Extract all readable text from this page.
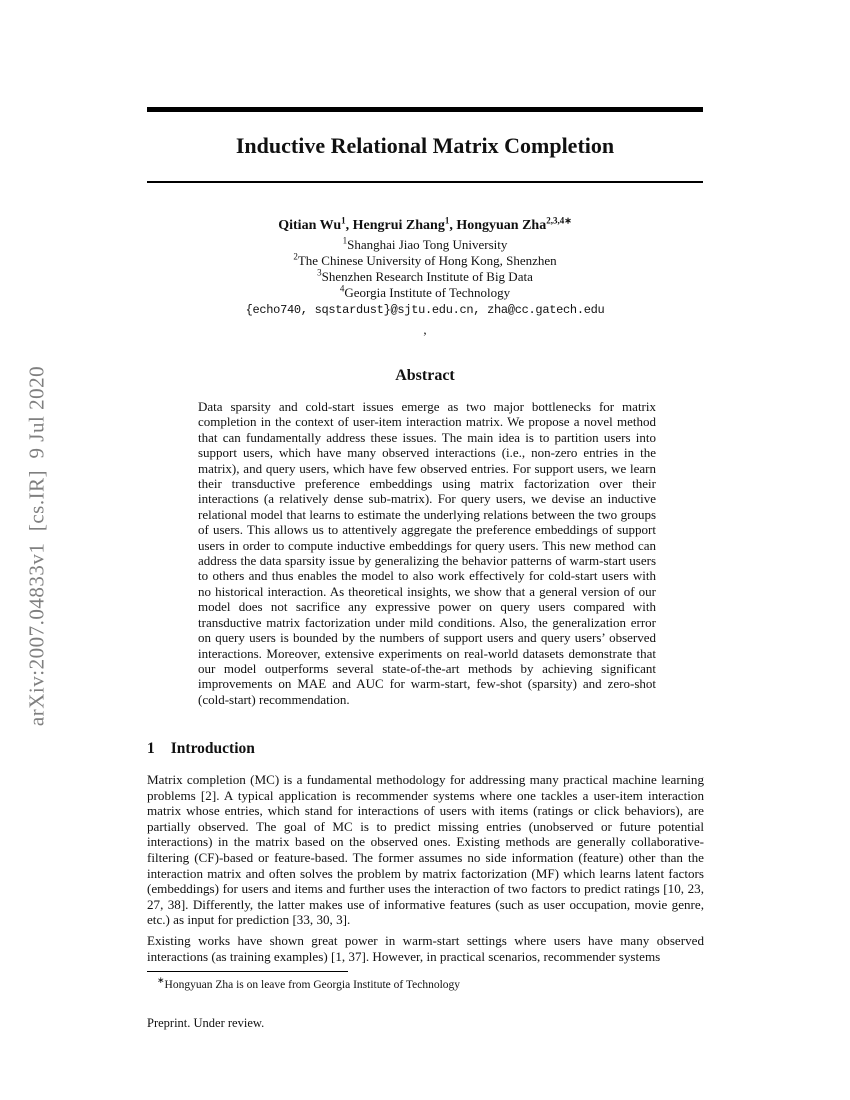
arXiv:2007.04833v1  [cs.IR]  9 Jul 2020
Inductive Relational Matrix Completion
Qitian Wu$^1$, Hengrui Zhang$^1$, Hongyuan Zha$^{2,3,4∗}$
$^1$Shanghai Jiao Tong University
$^2$The Chinese University of Hong Kong, Shenzhen
$^3$Shenzhen Research Institute of Big Data
$^4$Georgia Institute of Technology
{echo740, sqstardust}@sjtu.edu.cn, zha@cc.gatech.edu
,
Abstract
Data sparsity and cold-start issues emerge as two major bottlenecks for matrix completion in the context of user-item interaction matrix. We propose a novel method that can fundamentally address these issues. The main idea is to partition users into support users, which have many observed interactions (i.e., non-zero entries in the matrix), and query users, which have few observed entries. For support users, we learn their transductive preference embeddings using matrix factorization over their interactions (a relatively dense sub-matrix). For query users, we devise an inductive relational model that learns to estimate the underlying relations between the two groups of users. This allows us to attentively aggregate the preference embeddings of support users in order to compute inductive embeddings for query users. This new method can address the data sparsity issue by generalizing the behavior patterns of warm-start users to others and thus enables the model to also work effectively for cold-start users with no historical interaction. As theoretical insights, we show that a general version of our model does not sacrifice any expressive power on query users compared with transductive matrix factorization under mild conditions. Also, the generalization error on query users is bounded by the numbers of support users and query users’ observed interactions. Moreover, extensive experiments on real-world datasets demonstrate that our model outperforms several state-of-the-art methods by achieving significant improvements on MAE and AUC for warm-start, few-shot (sparsity) and zero-shot (cold-start) recommendation.
1 Introduction
Matrix completion (MC) is a fundamental methodology for addressing many practical machine learning problems [2]. A typical application is recommender systems where one tackles a user-item interaction matrix whose entries, which stand for interactions of users with items (ratings or click behaviors), are partially observed. The goal of MC is to predict missing entries (unobserved or future potential interactions) in the matrix based on the observed ones. Existing methods are generally collaborative-filtering (CF)-based or feature-based. The former assumes no side information (feature) other than the interaction matrix and often solves the problem by matrix factorization (MF) which learns latent factors (embeddings) for users and items and further uses the interaction of two factors to predict ratings [10, 23, 27, 38]. Differently, the latter makes use of informative features (such as user occupation, movie genre, etc.) as input for prediction [33, 30, 3].
Existing works have shown great power in warm-start settings where users have many observed interactions (as training examples) [1, 37]. However, in practical scenarios, recommender systems
∗Hongyuan Zha is on leave from Georgia Institute of Technology
Preprint. Under review.
